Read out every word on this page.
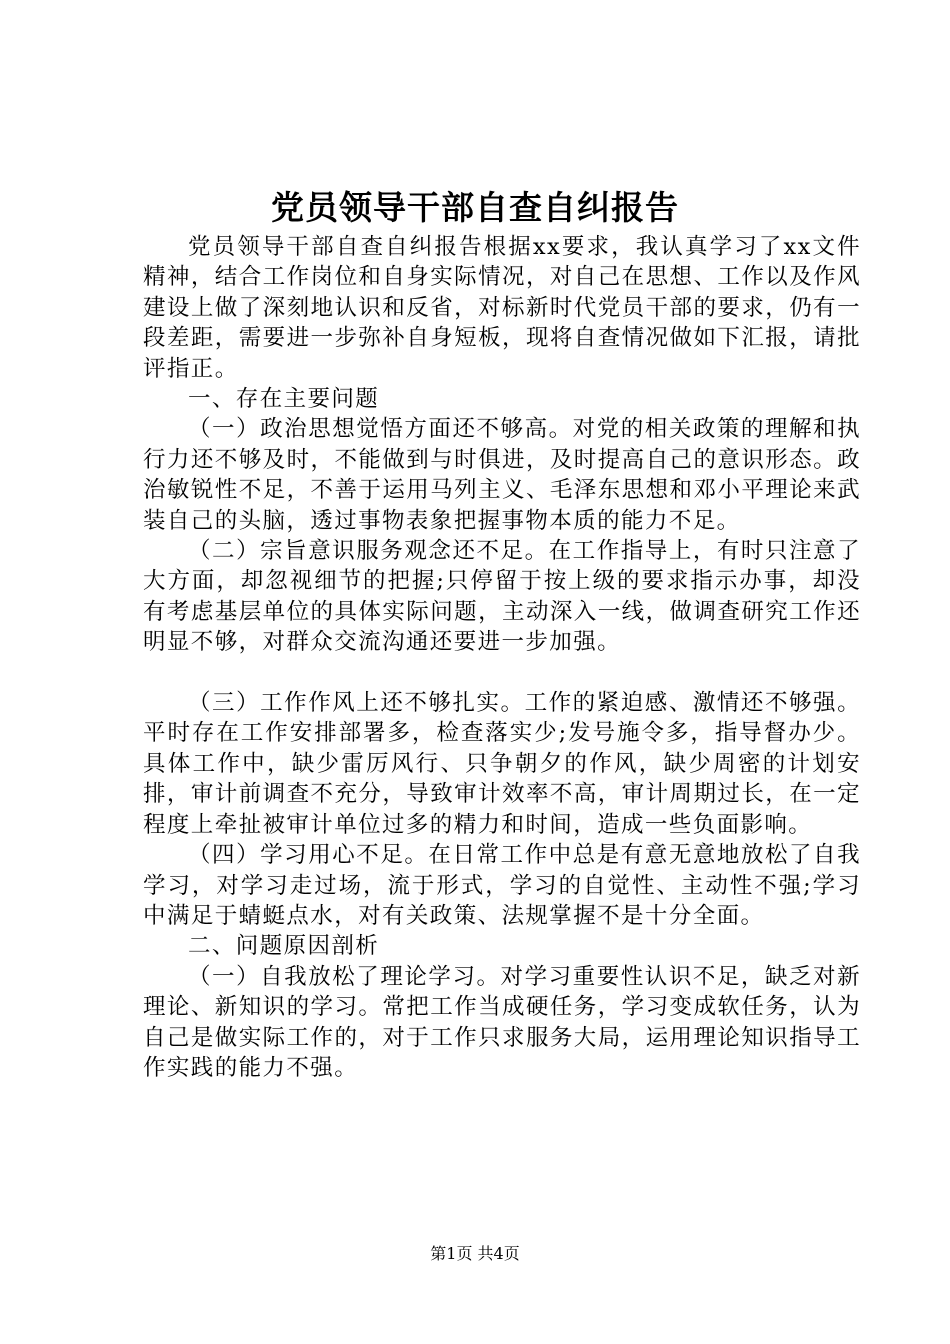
党员领导干部自查自纠报告

党员领导干部自查自纠报告根据xx要求，我认真学习了xx文件精神，结合工作岗位和自身实际情况，对自己在思想、工作以及作风建设上做了深刻地认识和反省，对标新时代党员干部的要求，仍有一段差距，需要进一步弥补自身短板，现将自查情况做如下汇报，请批评指正。

一、存在主要问题

（一）政治思想觉悟方面还不够高。对党的相关政策的理解和执行力还不够及时，不能做到与时俱进，及时提高自己的意识形态。政治敏锐性不足，不善于运用马列主义、毛泽东思想和邓小平理论来武装自己的头脑，透过事物表象把握事物本质的能力不足。

（二）宗旨意识服务观念还不足。在工作指导上，有时只注意了大方面，却忽视细节的把握;只停留于按上级的要求指示办事，却没有考虑基层单位的具体实际问题，主动深入一线，做调查研究工作还明显不够，对群众交流沟通还要进一步加强。

（三）工作作风上还不够扎实。工作的紧迫感、激情还不够强。平时存在工作安排部署多，检查落实少;发号施令多，指导督办少。具体工作中，缺少雷厉风行、只争朝夕的作风，缺少周密的计划安排，审计前调查不充分，导致审计效率不高，审计周期过长，在一定程度上牵扯被审计单位过多的精力和时间，造成一些负面影响。

（四）学习用心不足。在日常工作中总是有意无意地放松了自我学习，对学习走过场，流于形式，学习的自觉性、主动性不强;学习中满足于蜻蜓点水，对有关政策、法规掌握不是十分全面。

二、问题原因剖析

（一）自我放松了理论学习。对学习重要性认识不足，缺乏对新理论、新知识的学习。常把工作当成硬任务，学习变成软任务，认为自己是做实际工作的，对于工作只求服务大局，运用理论知识指导工作实践的能力不强。

第1页 共4页
